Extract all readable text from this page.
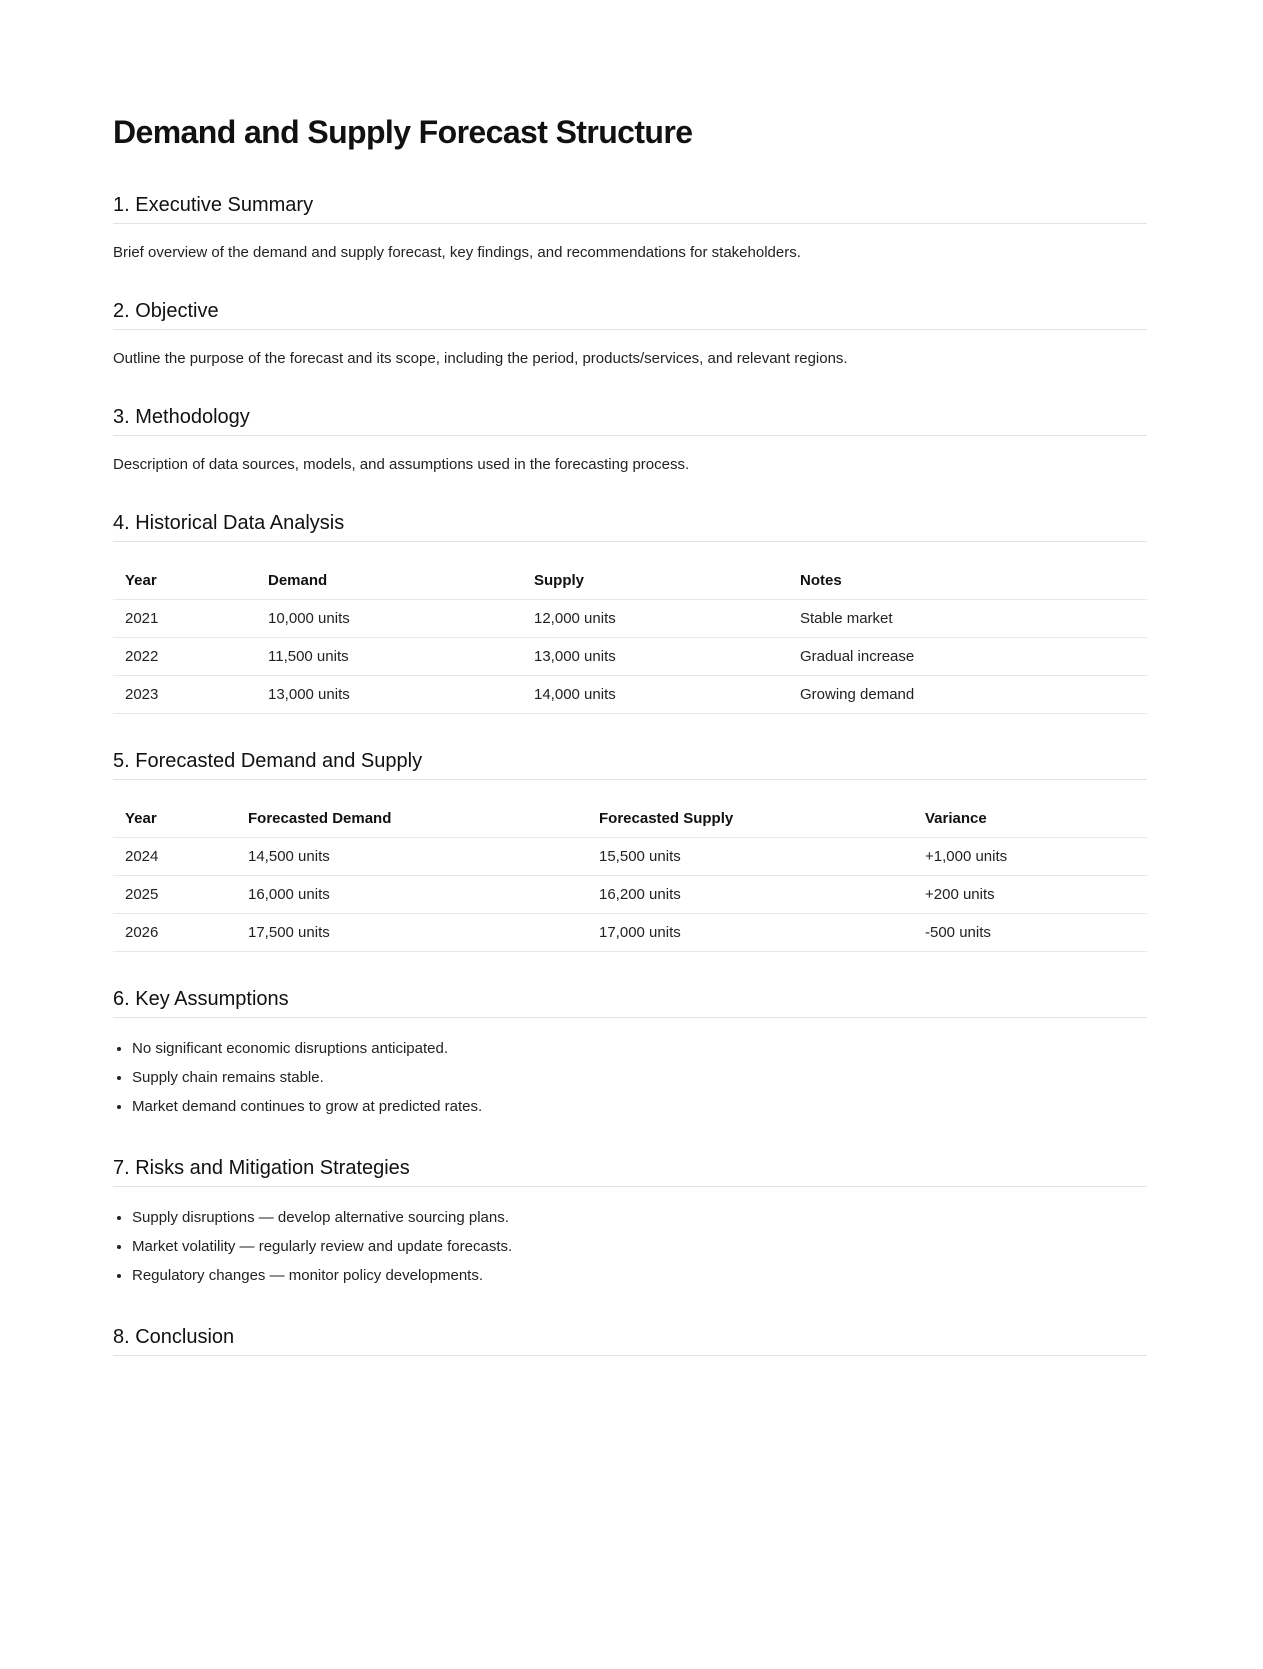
Demand and Supply Forecast Structure
1. Executive Summary

Brief overview of the demand and supply forecast, key findings, and recommendations for stakeholders.

2. Objective

Outline the purpose of the forecast and its scope, including the period, products/services, and relevant regions.

3. Methodology

Description of data sources, models, and assumptions used in the forecasting process.

4. Historical Data Analysis
Year	Demand	Supply	Notes
2021	10,000 units	12,000 units	Stable market
2022	11,500 units	13,000 units	Gradual increase
2023	13,000 units	14,000 units	Growing demand
5. Forecasted Demand and Supply
Year	Forecasted Demand	Forecasted Supply	Variance
2024	14,500 units	15,500 units	+1,000 units
2025	16,000 units	16,200 units	+200 units
2026	17,500 units	17,000 units	-500 units
6. Key Assumptions
• No significant economic disruptions anticipated.
• Supply chain remains stable.
• Market demand continues to grow at predicted rates.
7. Risks and Mitigation Strategies
• Supply disruptions — develop alternative sourcing plans.
• Market volatility — regularly review and update forecasts.
• Regulatory changes — monitor policy developments.
8. Conclusion
